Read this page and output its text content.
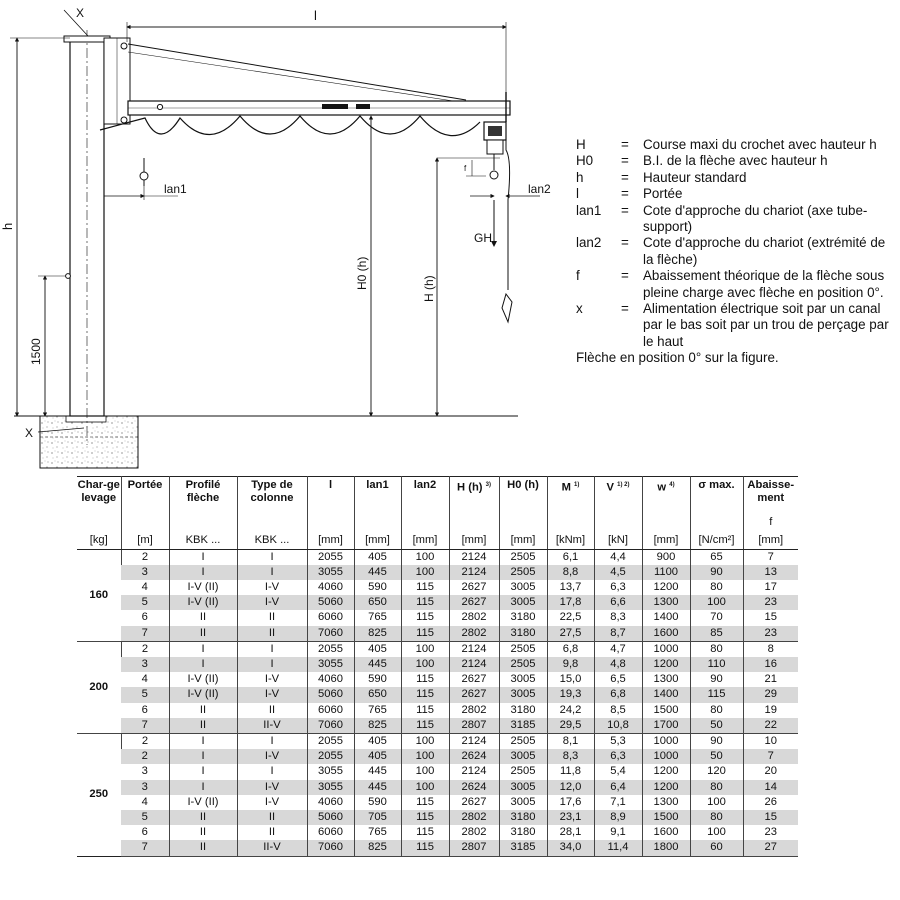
X
X
l
h
1500
lan1	lan2
H0 (h)	H (h)
GH
f
H	=	Course maxi du crochet avec hauteur h
H0	=	B.I. de la flèche avec hauteur h
h	=	Hauteur standard
l	=	Portée
lan1	=	Cote d'approche du chariot (axe tube-support)
lan2	=	Cote d'approche du chariot (extrémité de la flèche)
f	=	Abaissement théorique de la flèche sous pleine charge avec flèche en position 0°.
x	=	Alimentation électrique soit par un canal par le bas soit par un trou de perçage par le haut
Flèche en position 0° sur la figure.
Char-ge levage	Portée	Profilé flèche	Type de colonne	l	lan1	lan2	H (h) $^{3)}$	H0 (h)	M $^{1)}$	V $^{1) 2)}$	w $^{4)}$	σ max.	Abaisse-ment
f

[kg]	[m]	KBK ...	KBK ...	[mm]	[mm]	[mm]	[mm]	[mm]	[kNm]	[kN]	[mm]	[N/cm²]	[mm]
160	2	I	I	2055	405	100	2124	2505	6,1	4,4	900	65	7
	3	I	I	3055	445	100	2124	2505	8,8	4,5	1100	90	13
	4	I-V (II)	I-V	4060	590	115	2627	3005	13,7	6,3	1200	80	17
	5	I-V (II)	I-V	5060	650	115	2627	3005	17,8	6,6	1300	100	23
	6	II	II	6060	765	115	2802	3180	22,5	8,3	1400	70	15
	7	II	II	7060	825	115	2802	3180	27,5	8,7	1600	85	23
200	2	I	I	2055	405	100	2124	2505	6,8	4,7	1000	80	8
	3	I	I	3055	445	100	2124	2505	9,8	4,8	1200	110	16
	4	I-V (II)	I-V	4060	590	115	2627	3005	15,0	6,5	1300	90	21
	5	I-V (II)	I-V	5060	650	115	2627	3005	19,3	6,8	1400	115	29
	6	II	II	6060	765	115	2802	3180	24,2	8,5	1500	80	19
	7	II	II-V	7060	825	115	2807	3185	29,5	10,8	1700	50	22
250	2	I	I	2055	405	100	2124	2505	8,1	5,3	1000	90	10
	2	I	I-V	2055	405	100	2624	3005	8,3	6,3	1000	50	7
	3	I	I	3055	445	100	2124	2505	11,8	5,4	1200	120	20
	3	I	I-V	3055	445	100	2624	3005	12,0	6,4	1200	80	14
	4	I-V (II)	I-V	4060	590	115	2627	3005	17,6	7,1	1300	100	26
	5	II	II	5060	705	115	2802	3180	23,1	8,9	1500	80	15
	6	II	II	6060	765	115	2802	3180	28,1	9,1	1600	100	23
	7	II	II-V	7060	825	115	2807	3185	34,0	11,4	1800	60	27
